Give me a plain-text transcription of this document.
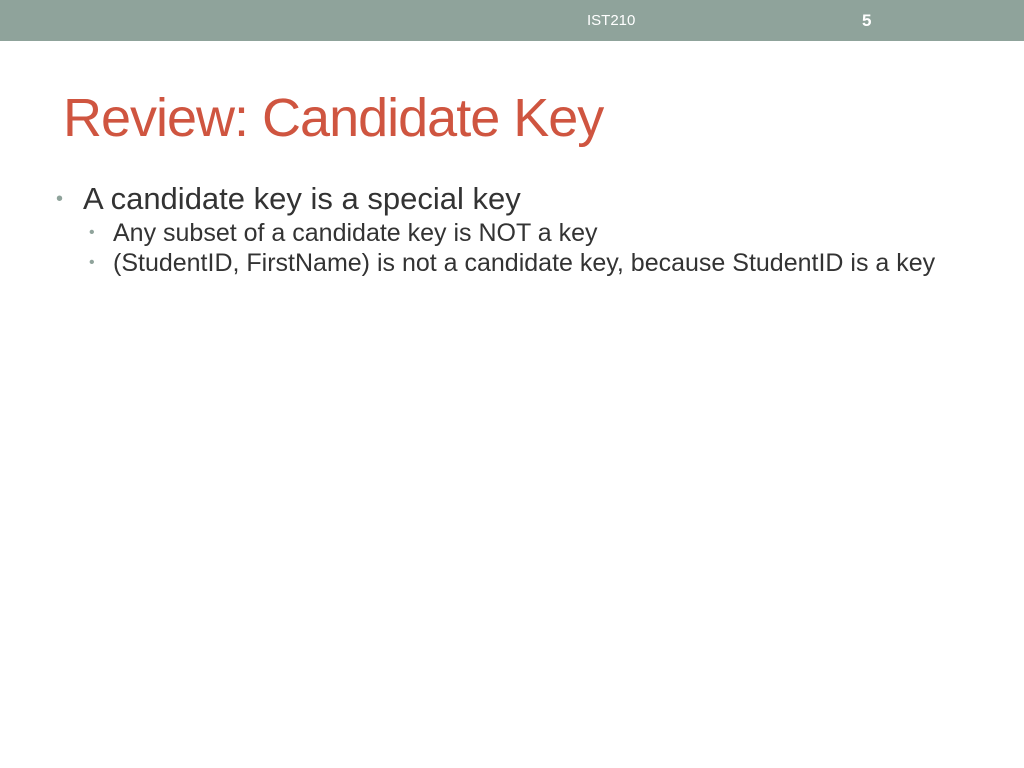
IST210	5
Review: Candidate Key
• A candidate key is a special key
• Any subset of a candidate key is NOT a key
• (StudentID, FirstName) is not a candidate key, because StudentID is a key
